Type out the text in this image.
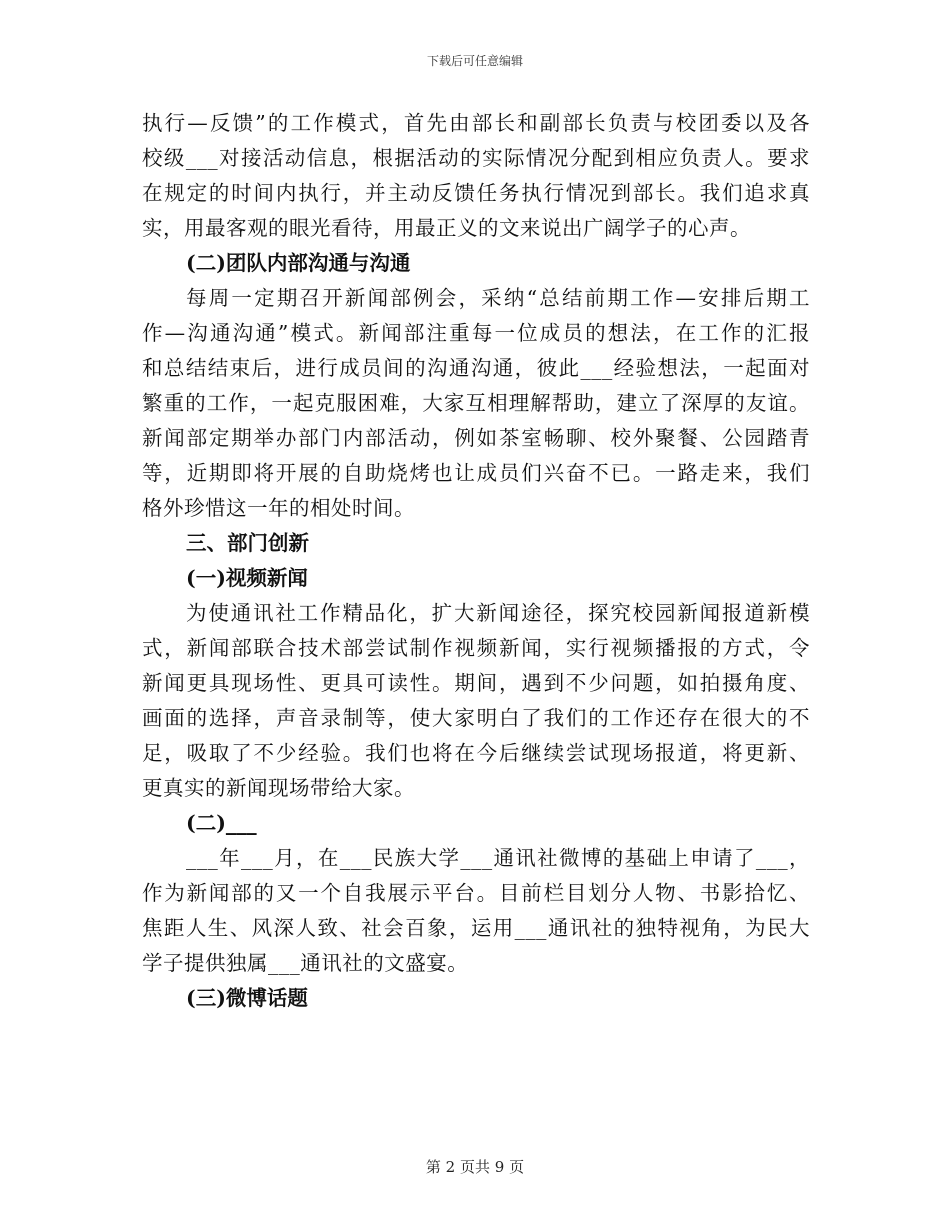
下载后可任意编辑
执行—反馈”的工作模式，首先由部长和副部长负责与校团委以及各
校级___对接活动信息，根据活动的实际情况分配到相应负责人。要求
在规定的时间内执行，并主动反馈任务执行情况到部长。我们追求真
实，用最客观的眼光看待，用最正义的文来说出广阔学子的心声。
(二)团队内部沟通与沟通
每周一定期召开新闻部例会，采纳“总结前期工作—安排后期工
作—沟通沟通”模式。新闻部注重每一位成员的想法，在工作的汇报
和总结结束后，进行成员间的沟通沟通，彼此___经验想法，一起面对
繁重的工作，一起克服困难，大家互相理解帮助，建立了深厚的友谊。
新闻部定期举办部门内部活动，例如茶室畅聊、校外聚餐、公园踏青
等，近期即将开展的自助烧烤也让成员们兴奋不已。一路走来，我们
格外珍惜这一年的相处时间。
三、部门创新
(一)视频新闻
为使通讯社工作精品化，扩大新闻途径，探究校园新闻报道新模
式，新闻部联合技术部尝试制作视频新闻，实行视频播报的方式，令
新闻更具现场性、更具可读性。期间，遇到不少问题，如拍摄角度、
画面的选择，声音录制等，使大家明白了我们的工作还存在很大的不
足，吸取了不少经验。我们也将在今后继续尝试现场报道，将更新、
更真实的新闻现场带给大家。
(二)___
___年___月，在___民族大学___通讯社微博的基础上申请了___，
作为新闻部的又一个自我展示平台。目前栏目划分人物、书影拾忆、
焦距人生、风深人致、社会百象，运用___通讯社的独特视角，为民大
学子提供独属___通讯社的文盛宴。
(三)微博话题
第 2 页共 9 页
